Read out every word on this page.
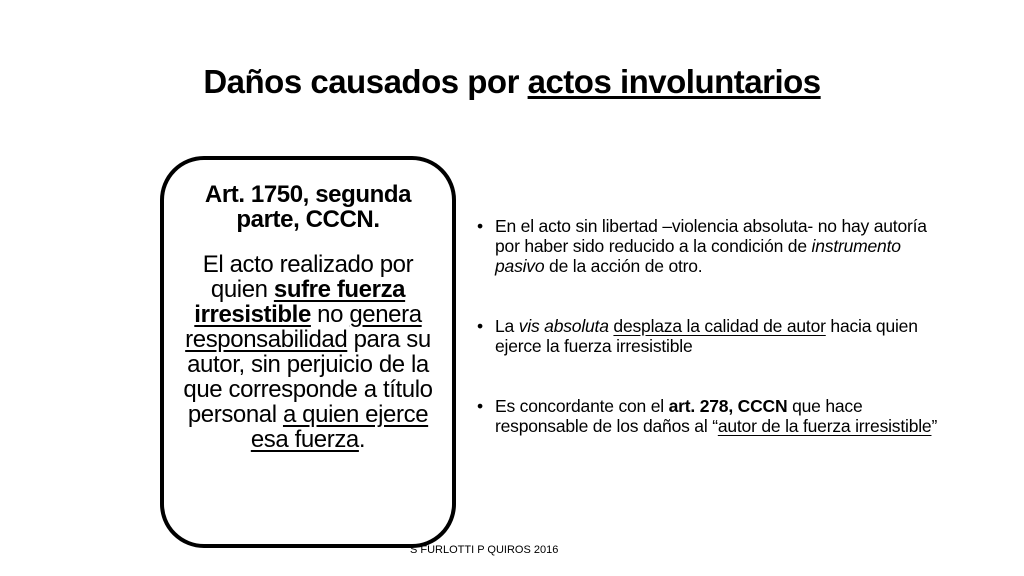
Daños causados por actos involuntarios

Art. 1750, segunda parte, CCCN.

El acto realizado por quien sufre fuerza irresistible no genera responsabilidad para su autor, sin perjuicio de la que corresponde a título personal a quien ejerce esa fuerza.

• En el acto sin libertad –violencia absoluta- no hay autoría por haber sido reducido a la condición de instrumento pasivo de la acción de otro.
• La vis absoluta desplaza la calidad de autor hacia quien ejerce la fuerza irresistible
• Es concordante con el art. 278, CCCN que hace responsable de los daños al “autor de la fuerza irresistible”
S FURLOTTI P QUIROS 2016
